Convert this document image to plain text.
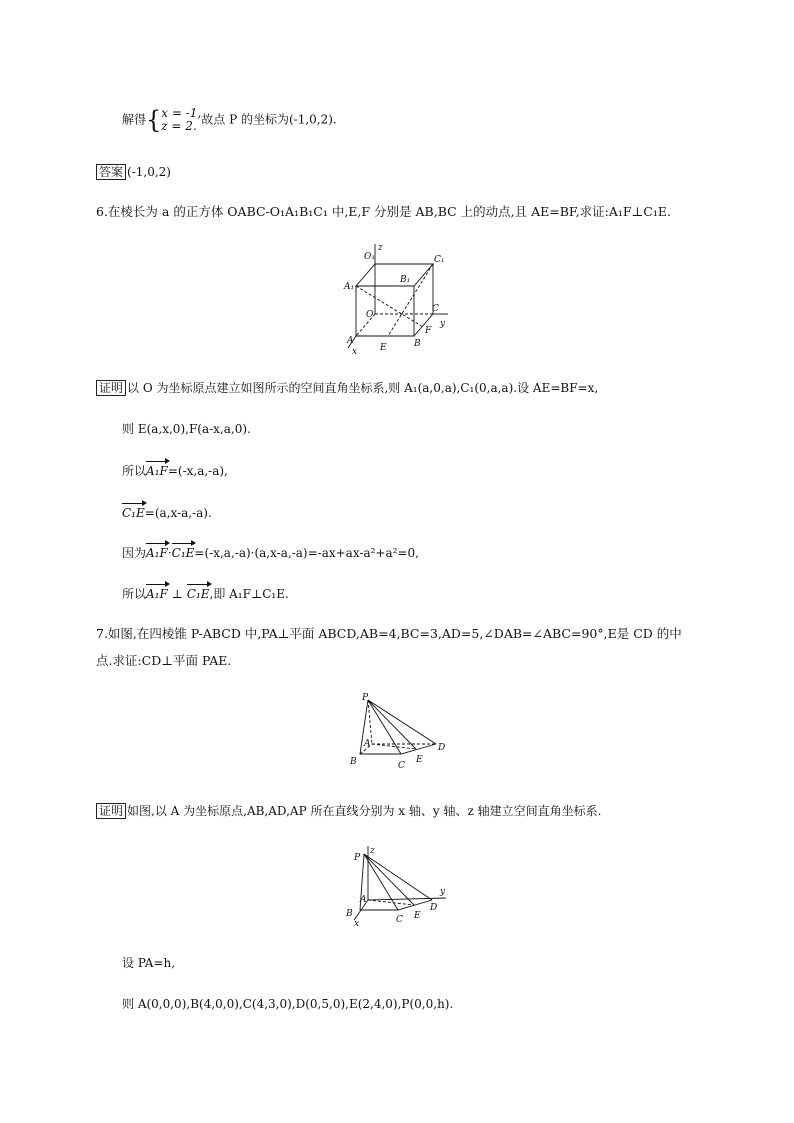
解得{x = -1,
z = 2. 故点 P 的坐标为(-1,0,2).
答案 (-1,0,2)
6.在棱长为 a 的正方体 OABC-O₁A₁B₁C₁ 中,E,F 分别是 AB,BC 上的动点,且 AE=BF,求证:A₁F⊥C₁E.
z
y
x
O₁	C₁
B₁
A₁
O
C
F
A
E	B
证明 以 O 为坐标原点建立如图所示的空间直角坐标系,则 A₁(a,0,a),C₁(0,a,a).设 AE=BF=x,
则 E(a,x,0),F(a-x,a,0).
所以A₁F=(-x,a,-a),
C₁E=(a,x-a,-a).
因为A₁F·C₁E=(-x,a,-a)·(a,x-a,-a)=-ax+ax-a²+a²=0,
所以A₁F ⊥ C₁E,即 A₁F⊥C₁E.
7.如图,在四棱锥 P-ABCD 中,PA⊥平面 ABCD,AB=4,BC=3,AD=5,∠DAB=∠ABC=90°,E是 CD 的中
点.求证:CD⊥平面 PAE.
P
A
B	C
E
D
证明 如图,以 A 为坐标原点,AB,AD,AP 所在直线分别为 x 轴、y 轴、z 轴建立空间直角坐标系.
z
y
x
P
A
B
C E
D
设 PA=h,
则 A(0,0,0),B(4,0,0),C(4,3,0),D(0,5,0),E(2,4,0),P(0,0,h).
